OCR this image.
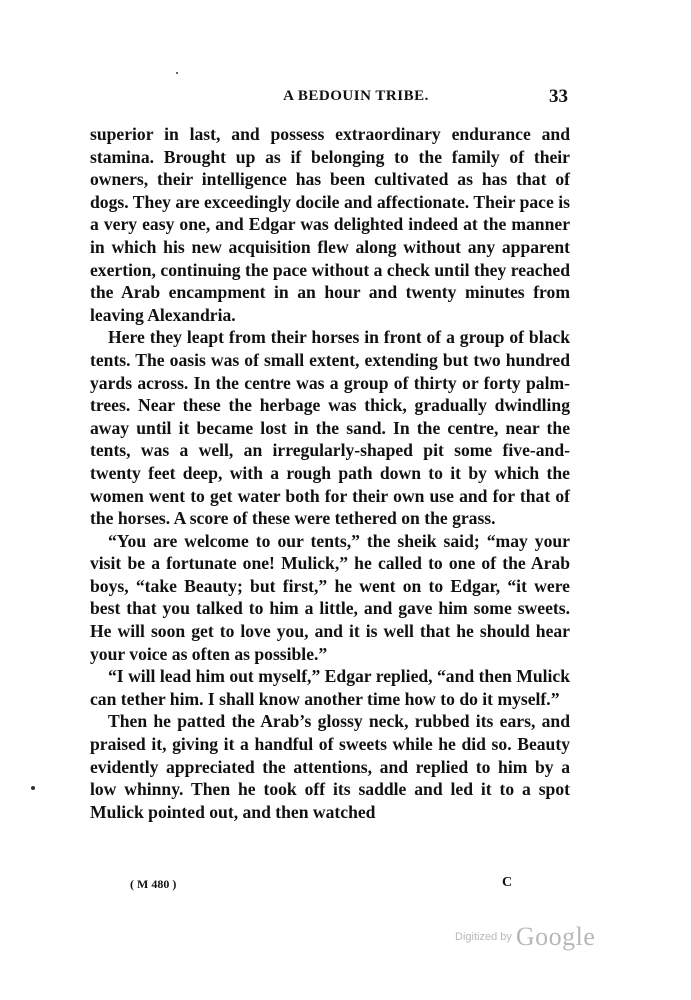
A BEDOUIN TRIBE.	33

superior in last, and possess extraordinary endurance and stamina. Brought up as if belonging to the family of their owners, their intelligence has been cultivated as has that of dogs. They are exceedingly docile and affectionate. Their pace is a very easy one, and Edgar was delighted indeed at the manner in which his new acquisition flew along without any apparent exertion, continuing the pace without a check until they reached the Arab encampment in an hour and twenty minutes from leaving Alexandria.

Here they leapt from their horses in front of a group of black tents. The oasis was of small extent, extending but two hundred yards across. In the centre was a group of thirty or forty palm-trees. Near these the herbage was thick, gradually dwindling away until it became lost in the sand. In the centre, near the tents, was a well, an irregularly-shaped pit some five-and-twenty feet deep, with a rough path down to it by which the women went to get water both for their own use and for that of the horses. A score of these were tethered on the grass.

“You are welcome to our tents,” the sheik said; “may your visit be a fortunate one! Mulick,” he called to one of the Arab boys, “take Beauty; but first,” he went on to Edgar, “it were best that you talked to him a little, and gave him some sweets. He will soon get to love you, and it is well that he should hear your voice as often as possible.”

“I will lead him out myself,” Edgar replied, “and then Mulick can tether him. I shall know another time how to do it myself.”

Then he patted the Arab’s glossy neck, rubbed its ears, and praised it, giving it a handful of sweets while he did so. Beauty evidently appreciated the attentions, and replied to him by a low whinny. Then he took off its saddle and led it to a spot Mulick pointed out, and then watched

( M 480 )	C
Digitized by Google
